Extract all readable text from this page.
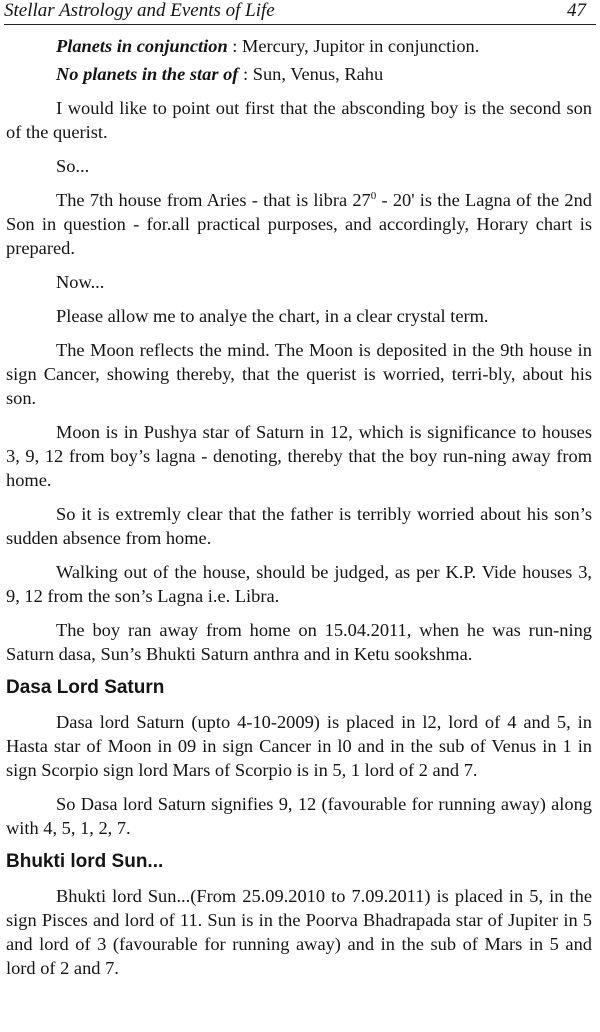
Stellar Astrology and Events of Life	47

Planets in conjunction : Mercury, Jupitor in conjunction.

No planets in the star of : Sun, Venus, Rahu

I would like to point out first that the absconding boy is the second son of the querist.

So...

The 7th house from Aries - that is libra $27^0 - 20'$ is the Lagna of the 2nd Son in question - for.all practical purposes, and accordingly, Horary chart is prepared.

Now...

Please allow me to analye the chart, in a clear crystal term.

The Moon reflects the mind. The Moon is deposited in the 9th house in sign Cancer, showing thereby, that the querist is worried, terri-bly, about his son.

Moon is in Pushya star of Saturn in 12, which is significance to houses 3, 9, 12 from boy’s lagna - denoting, thereby that the boy run-ning away from home.

So it is extremly clear that the father is terribly worried about his son’s sudden absence from home.

Walking out of the house, should be judged, as per K.P. Vide houses 3, 9, 12 from the son’s Lagna i.e. Libra.

The boy ran away from home on 15.04.2011, when he was run-ning Saturn dasa, Sun’s Bhukti Saturn anthra and in Ketu sookshma.

Dasa Lord Saturn

Dasa lord Saturn (upto 4-10-2009) is placed in l2, lord of 4 and 5, in Hasta star of Moon in 09 in sign Cancer in l0 and in the sub of Venus in 1 in sign Scorpio sign lord Mars of Scorpio is in 5, 1 lord of 2 and 7.

So Dasa lord Saturn signifies 9, 12 (favourable for running away) along with 4, 5, 1, 2, 7.

Bhukti lord Sun...

Bhukti lord Sun...(From 25.09.2010 to 7.09.2011) is placed in 5, in the sign Pisces and lord of 11. Sun is in the Poorva Bhadrapada star of Jupiter in 5 and lord of 3 (favourable for running away) and in the sub of Mars in 5 and lord of 2 and 7.
